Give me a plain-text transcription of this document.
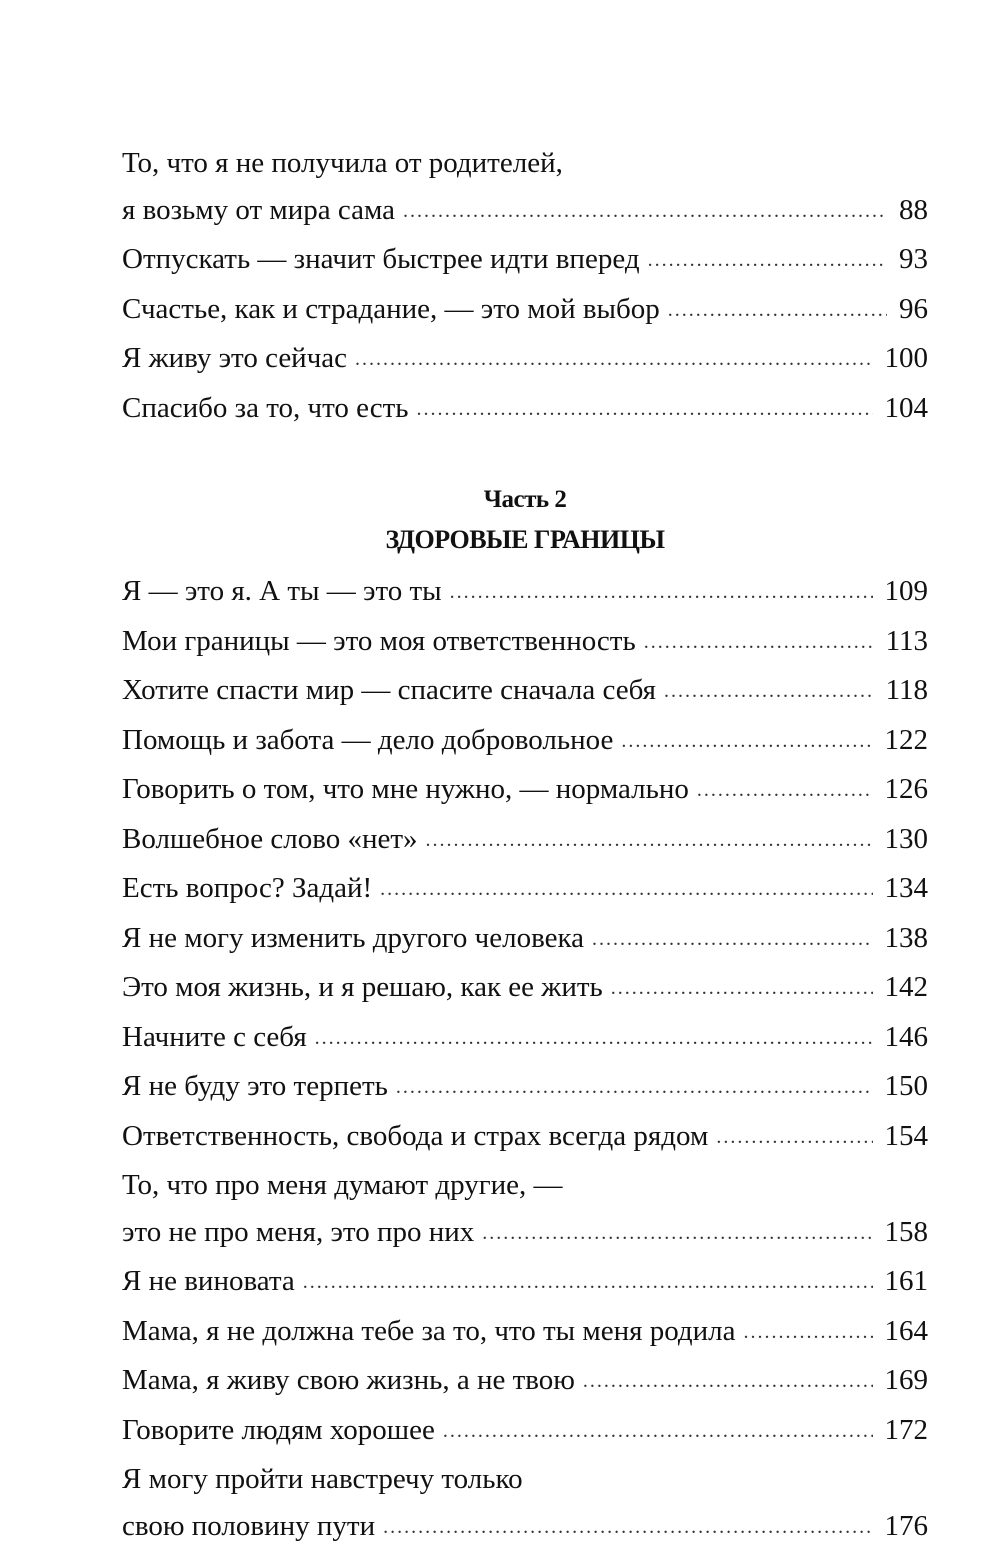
То, что я не получила от родителей,
я возьму от мира сама .....	88
Отпускать — значит быстрее идти вперед .....	93
Счастье, как и страдание, — это мой выбор .....	96
Я живу это сейчас .....	100
Спасибо за то, что есть .....	104
Часть 2
ЗДОРОВЫЕ ГРАНИЦЫ
Я — это я. А ты — это ты .....	109
Мои границы — это моя ответственность .....	113
Хотите спасти мир — спасите сначала себя .....	118
Помощь и забота — дело добровольное .....	122
Говорить о том, что мне нужно, — нормально .....	126
Волшебное слово «нет» .....	130
Есть вопрос? Задай! .....	134
Я не могу изменить другого человека .....	138
Это моя жизнь, и я решаю, как ее жить .....	142
Начните с себя .....	146
Я не буду это терпеть .....	150
Ответственность, свобода и страх всегда рядом .....	154
То, что про меня думают другие, —
это не про меня, это про них .....	158
Я не виновата .....	161
Мама, я не должна тебе за то, что ты меня родила .....	164
Мама, я живу свою жизнь, а не твою .....	169
Говорите людям хорошее .....	172
Я могу пройти навстречу только
свою половину пути .....	176
